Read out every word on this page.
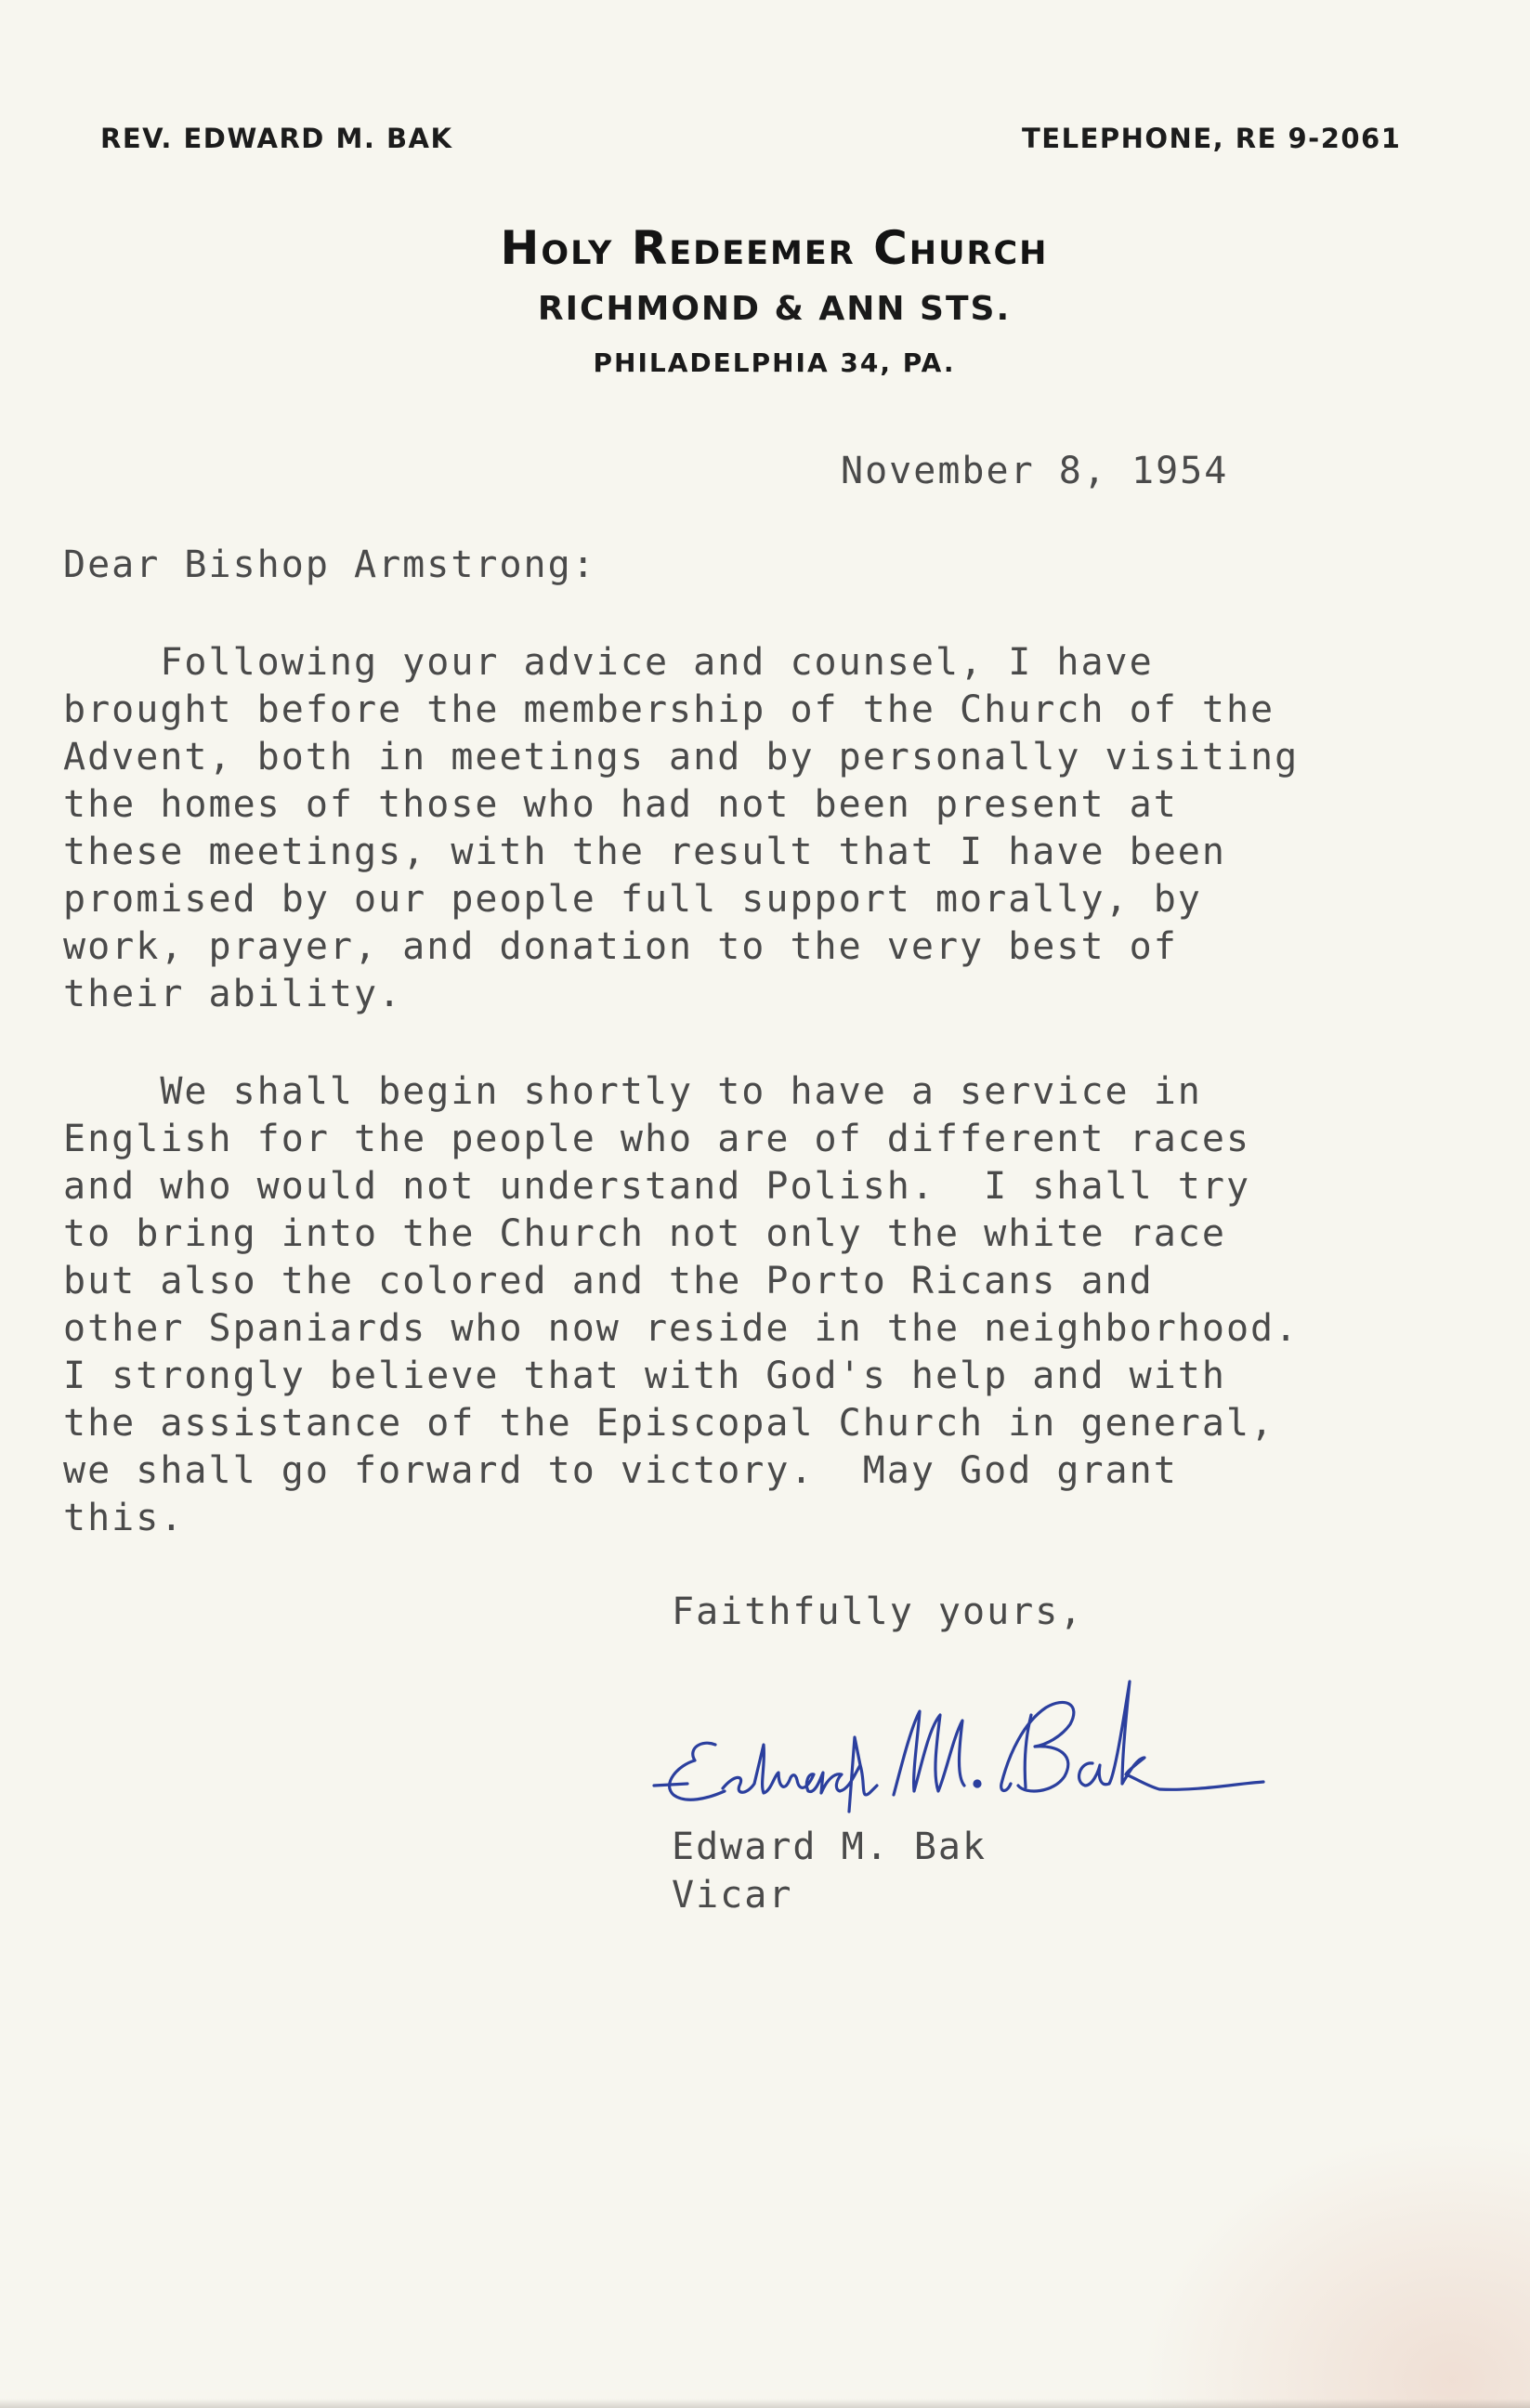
REV. EDWARD M. BAK	TELEPHONE, RE 9-2061
Holy Redeemer Church
RICHMOND & ANN STS.
PHILADELPHIA 34, PA.
November 8, 1954
Dear Bishop Armstrong:
Following your advice and counsel, I have
brought before the membership of the Church of the
Advent, both in meetings and by personally visiting
the homes of those who had not been present at
these meetings, with the result that I have been
promised by our people full support morally, by
work, prayer, and donation to the very best of
their ability.
We shall begin shortly to have a service in
English for the people who are of different races
and who would not understand Polish.  I shall try
to bring into the Church not only the white race
but also the colored and the Porto Ricans and
other Spaniards who now reside in the neighborhood.
I strongly believe that with God's help and with
the assistance of the Episcopal Church in general,
we shall go forward to victory.  May God grant
this.
Faithfully yours,
Edward M. Bak
Vicar
